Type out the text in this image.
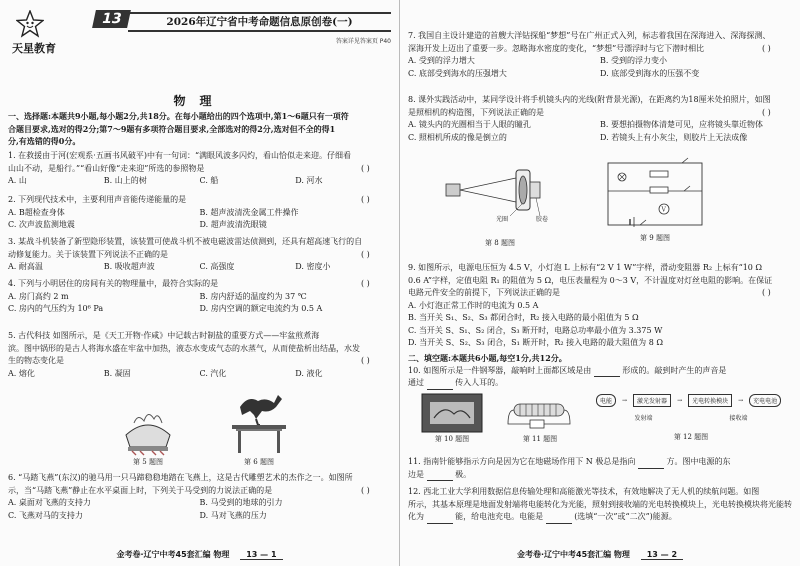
天星教育
13	2026年辽宁省中考命题信息原创卷(一)
答案详见答案页 P40
物理
一、选择题:本题共9小题,每小题2分,共18分。在每小题给出的四个选项中,第1～6题只有一项符
合题目要求,选对的得2分;第7～9题有多项符合题目要求,全部选对的得2分,选对但不全的得1
分,有选错的得0分。
1. 在救援由于河(宏观系·五画书风破平)中有一句词：“满眼风波多闪灼，看山恰似走来迎。仔细看
( )
山山不动，是船行。”“看山好像“走来迎”所选的参照物是
A. 山	B. 山上的树	C. 船	D. 河水
( )
2. 下列现代技术中，主要利用声音能传递能量的是
A. B超检查身体	B. 超声波清洗金属工件操作
C. 次声波监测地震	D. 超声波清洗眼镜
3. 某战斗机装备了新型隐形装置，该装置可使战斗机不被电磁波雷达侦测到，还具有超高速飞行的自
( )
动修复能力。关于该装置下列说法不正确的是
A. 耐高温	B. 吸收超声波	C. 高强度	D. 密度小
( )
4. 下列与小明居住的房间有关的物理量中，最符合实际的是
A. 房门高约 2 m	B. 房内舒适的温度约为 37 ℃
C. 房内的气压约为 10⁶ Pa	D. 房内空调的额定电流约为 0.5 A
5. 古代科技 如图所示，是《天工开物·作咸》中记载古时制盐的重要方式——牢盆煎煮海
滨。图中锅形的是古人将海水盛在牢盆中加热，液态水变成气态的水蒸气，从而使盐析出结晶，水发
( )
生的物态变化是
A. 熔化	B. 凝固	C. 汽化	D. 液化
第 5 题图	第 6 题图
6. “马踏飞燕”(东汉)的驰马用一只马蹄稳稳地踏在飞燕上，这是古代雕塑艺术的杰作之一。如图所
( )
示，当“马踏飞燕”静止在水平桌面上时，下列关于马受到的力说法正确的是
A. 桌面对飞燕的支持力	B. 马受到的地球的引力
C. 飞燕对马的支持力	D. 马对飞燕的压力
金考卷·辽宁中考45套汇编 物理 13 — 1
7. 我国自主设计建造的首艘大洋钻探船“梦想”号在广州正式入列，标志着我国在深海进入、深海探测、
( )
深海开发上迈出了重要一步。忽略海水密度的变化，“梦想”号漂浮时与它下潜时相比
A. 受到的浮力增大	B. 受到的浮力变小
C. 底部受到海水的压强增大	D. 底部受到海水的压强不变
8. 课外实践活动中，某同学设计将手机镜头内的光线(附背景光源)，在距离约为18厘米处拍照片，如图
( )
是照相机的构造图，下列说法正确的是
A. 镜头内的光圈相当于人眼的瞳孔	B. 要想拍摄物体清楚可见，应将镜头靠近物体
C. 照相机所成的像是倒立的	D. 若镜头上有小灰尘，则胶片上无法成像
光圈	胶卷
第 8 题图
V
第 9 题图
9. 如图所示，电源电压恒为 4.5 V，小灯泡 L 上标有“2 V 1 W”字样，滑动变阻器 R₂ 上标有“10 Ω
0.6 A”字样，定值电阻 R₁ 的阻值为 5 Ω，电压表量程为 0～3 V，不计温度对灯丝电阻的影响。在保证
( )
电路元件安全的前提下，下列说法正确的是
A. 小灯泡正常工作时的电流为 0.5 A
B. 当开关 S₁、S₂、S₃ 都闭合时，R₂ 接入电路的最小阻值为 5 Ω
C. 当开关 S、S₁、S₂ 闭合，S₃ 断开时，电路总功率最小值为 3.375 W
D. 当开关 S、S₂、S₃ 闭合，S₁ 断开时，R₂ 接入电路的最大阻值为 8 Ω
二、填空题:本题共6小题,每空1分,共12分。
10. 如图所示是一件钢琴器，敲响时上面都区域是由	形成的。敲到时产生的声音是
通过	传入人耳的。
第 10 题图	第 11 题图
电能	→	激光发射器	→	光电转换模块	→	充电电池
发射端	接收端
第 12 题图
11. 指南针能够指示方向是因为它在地磁场作用下 N 极总是指向	方。图中电源的东
边是	极。
12. 西北工业大学利用数据信息传输处理和高能激光等技术，有效地解决了无人机的续航问题。如图
所示，其基本原理是地面发射端将电能转化为光能，照射到接收端的光电转换模块上，光电转换模块将光能转
化为	能，给电池充电。电能是	(选填“一次”或“二次”)能源。
金考卷·辽宁中考45套汇编 物理 13 — 2
